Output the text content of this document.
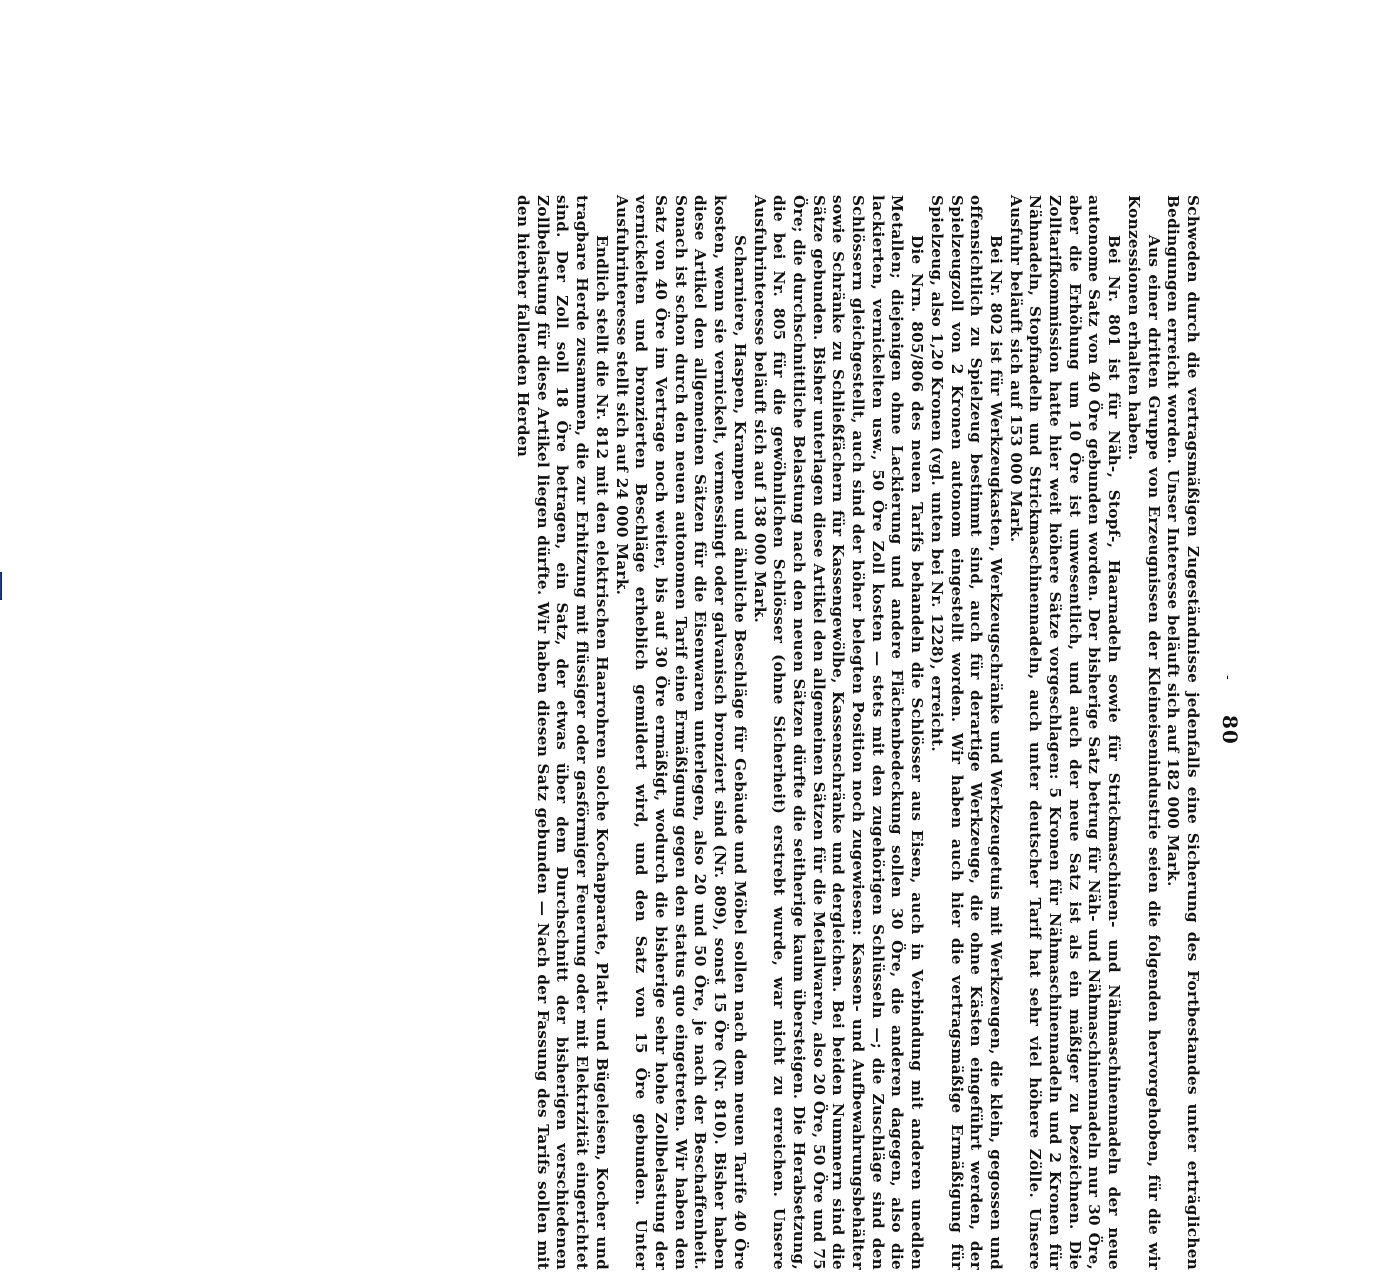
-
80

Schweden durch die vertragsmäßigen Zugeständnisse jedenfalls eine Sicherung des Fortbestandes unter erträglichen Bedingungen erreicht worden. Unser Interesse beläuft sich auf 182 000 Mark.

Aus einer dritten Gruppe von Erzeugnissen der Kleineisenindustrie seien die folgenden hervorgehoben, für die wir Konzessionen erhalten haben.

Bei Nr. 801 ist für Näh-, Stopf-, Haarnadeln sowie für Strickmaschinen- und Nähmaschinennadeln der neue autonome Satz von 40 Öre gebunden worden. Der bisherige Satz betrug für Näh- und Nähmaschinennadeln nur 30 Öre, aber die Erhöhung um 10 Öre ist unwesentlich, und auch der neue Satz ist als ein mäßiger zu bezeichnen. Die Zolltarifkommission hatte hier weit höhere Sätze vorgeschlagen: 5 Kronen für Nähmaschinennadeln und 2 Kronen für Nähnadeln, Stopfnadeln und Strickmaschinennadeln, auch unter deutscher Tarif hat sehr viel höhere Zölle. Unsere Ausfuhr beläuft sich auf 153 000 Mark.

Bei Nr. 802 ist für Werkzeugkasten, Werkzeugschränke und Werkzeugetuis mit Werkzeugen, die klein, gegossen und offensichtlich zu Spielzeug bestimmt sind, auch für derartige Werkzeuge, die ohne Kästen eingeführt werden, der Spielzeugzoll von 2 Kronen autonom eingestellt worden. Wir haben auch hier die vertragsmäßige Ermäßigung für Spielzeug, also 1,20 Kronen (vgl. unten bei Nr. 1228), erreicht.

Die Nrn. 805/806 des neuen Tarifs behandeln die Schlösser aus Eisen, auch in Verbindung mit anderen unedlen Metallen; diejenigen ohne Lackierung und andere Flächenbedeckung sollen 30 Öre, die anderen dagegen, also die lackierten, vernickelten usw., 50 Öre Zoll kosten — stets mit den zugehörigen Schlüsseln —; die Zuschläge sind den Schlössern gleichgestellt, auch sind der höher belegten Position noch zugewiesen: Kassen- und Aufbewahrungsbehälter sowie Schränke zu Schließfächern für Kassengewölbe, Kassenschränke und dergleichen. Bei beiden Nummern sind die Sätze gebunden. Bisher unterlagen diese Artikel den allgemeinen Sätzen für die Metallwaren, also 20 Öre, 50 Öre und 75 Öre; die durchschnittliche Belastung nach den neuen Sätzen dürfte die seitherige kaum übersteigen. Die Herabsetzung, die bei Nr. 805 für die gewöhnlichen Schlösser (ohne Sicherheit) erstrebt wurde, war nicht zu erreichen. Unsere Ausfuhrinteresse beläuft sich auf 138 000 Mark.

Scharniere, Haspen, Krampen und ähnliche Beschläge für Gebäude und Möbel sollen nach dem neuen Tarife 40 Öre kosten, wenn sie vernickelt, vermessingt oder galvanisch bronziert sind (Nr. 809), sonst 15 Öre (Nr. 810). Bisher haben diese Artikel den allgemeinen Sätzen für die Eisenwaren unterlegen, also 20 und 50 Öre, je nach der Beschaffenheit. Sonach ist schon durch den neuen autonomen Tarif eine Ermäßigung gegen den status quo eingetreten. Wir haben den Satz von 40 Öre im Vertrage noch weiter, bis auf 30 Öre ermäßigt, wodurch die bisherige sehr hohe Zollbelastung der vernickelten und bronzierten Beschläge erheblich gemildert wird, und den Satz von 15 Öre gebunden. Unter Ausfuhrinteresse stellt sich auf 24 000 Mark.

Endlich stellt die Nr. 812 mit den elektrischen Haarrohren solche Kochapparate, Platt- und Bügeleisen, Kocher und tragbare Herde zusammen, die zur Erhitzung mit flüssiger oder gasförmiger Feuerung oder mit Elektrizität eingerichtet sind. Der Zoll soll 18 Öre betragen, ein Satz, der etwas über dem Durchschnitt der bisherigen verschiedenen Zollbelastung für diese Artikel liegen dürfte. Wir haben diesen Satz gebunden — Nach der Fassung des Tarifs sollen mit den hierher fallenden Herden
